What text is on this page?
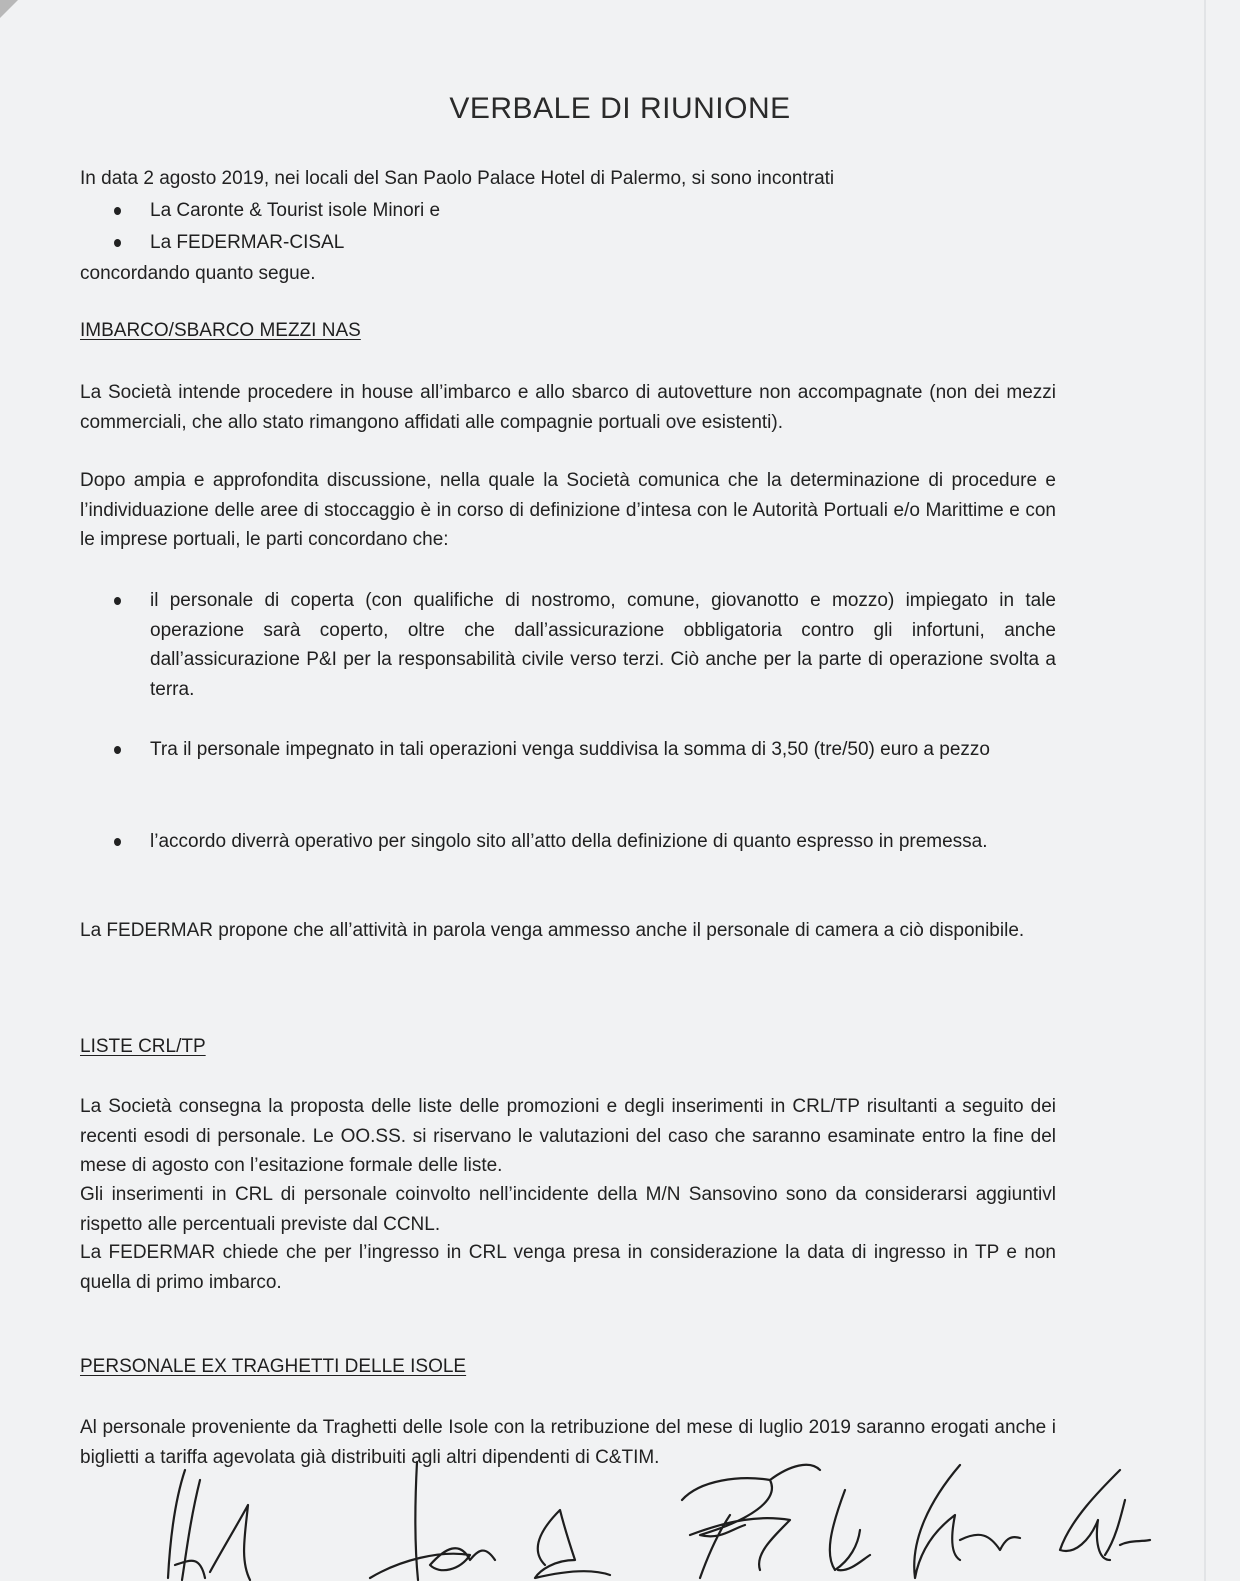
VERBALE DI RIUNIONE
In data 2 agosto 2019, nei locali del San Paolo Palace Hotel di Palermo, si sono incontrati
La Caronte & Tourist isole Minori e
La FEDERMAR-CISAL
concordando quanto segue.
IMBARCO/SBARCO MEZZI NAS
La Società intende procedere in house all’imbarco e allo sbarco di autovetture non accompagnate (non dei mezzi commerciali, che allo stato rimangono affidati alle compagnie portuali ove esistenti).
Dopo ampia e approfondita discussione, nella quale la Società comunica che la determinazione di procedure e l’individuazione delle aree di stoccaggio è in corso di definizione d’intesa con le Autorità Portuali e/o Marittime e con le imprese portuali, le parti concordano che:
il personale di coperta (con qualifiche di nostromo, comune, giovanotto e mozzo) impiegato in tale operazione sarà coperto, oltre che dall’assicurazione obbligatoria contro gli infortuni, anche dall’assicurazione P&I per la responsabilità civile verso terzi. Ciò anche per la parte di operazione svolta a terra.
Tra il personale impegnato in tali operazioni venga suddivisa la somma di 3,50 (tre/50) euro a pezzo
l’accordo diverrà operativo per singolo sito all’atto della definizione di quanto espresso in premessa.
La FEDERMAR propone che all’attività in parola venga ammesso anche il personale di camera a ciò disponibile.
LISTE CRL/TP
La Società consegna la proposta delle liste delle promozioni e degli inserimenti in CRL/TP risultanti a seguito dei recenti esodi di personale. Le OO.SS. si riservano le valutazioni del caso che saranno esaminate entro la fine del mese di agosto con l’esitazione formale delle liste.
Gli inserimenti in CRL di personale coinvolto nell’incidente della M/N Sansovino sono da considerarsi aggiuntivl rispetto alle percentuali previste dal CCNL.
La FEDERMAR chiede che per l’ingresso in CRL venga presa in considerazione la data di ingresso in TP e non quella di primo imbarco.
PERSONALE EX TRAGHETTI DELLE ISOLE
Al personale proveniente da Traghetti delle Isole con la retribuzione del mese di luglio 2019 saranno erogati anche i biglietti a tariffa agevolata già distribuiti agli altri dipendenti di C&TIM.
